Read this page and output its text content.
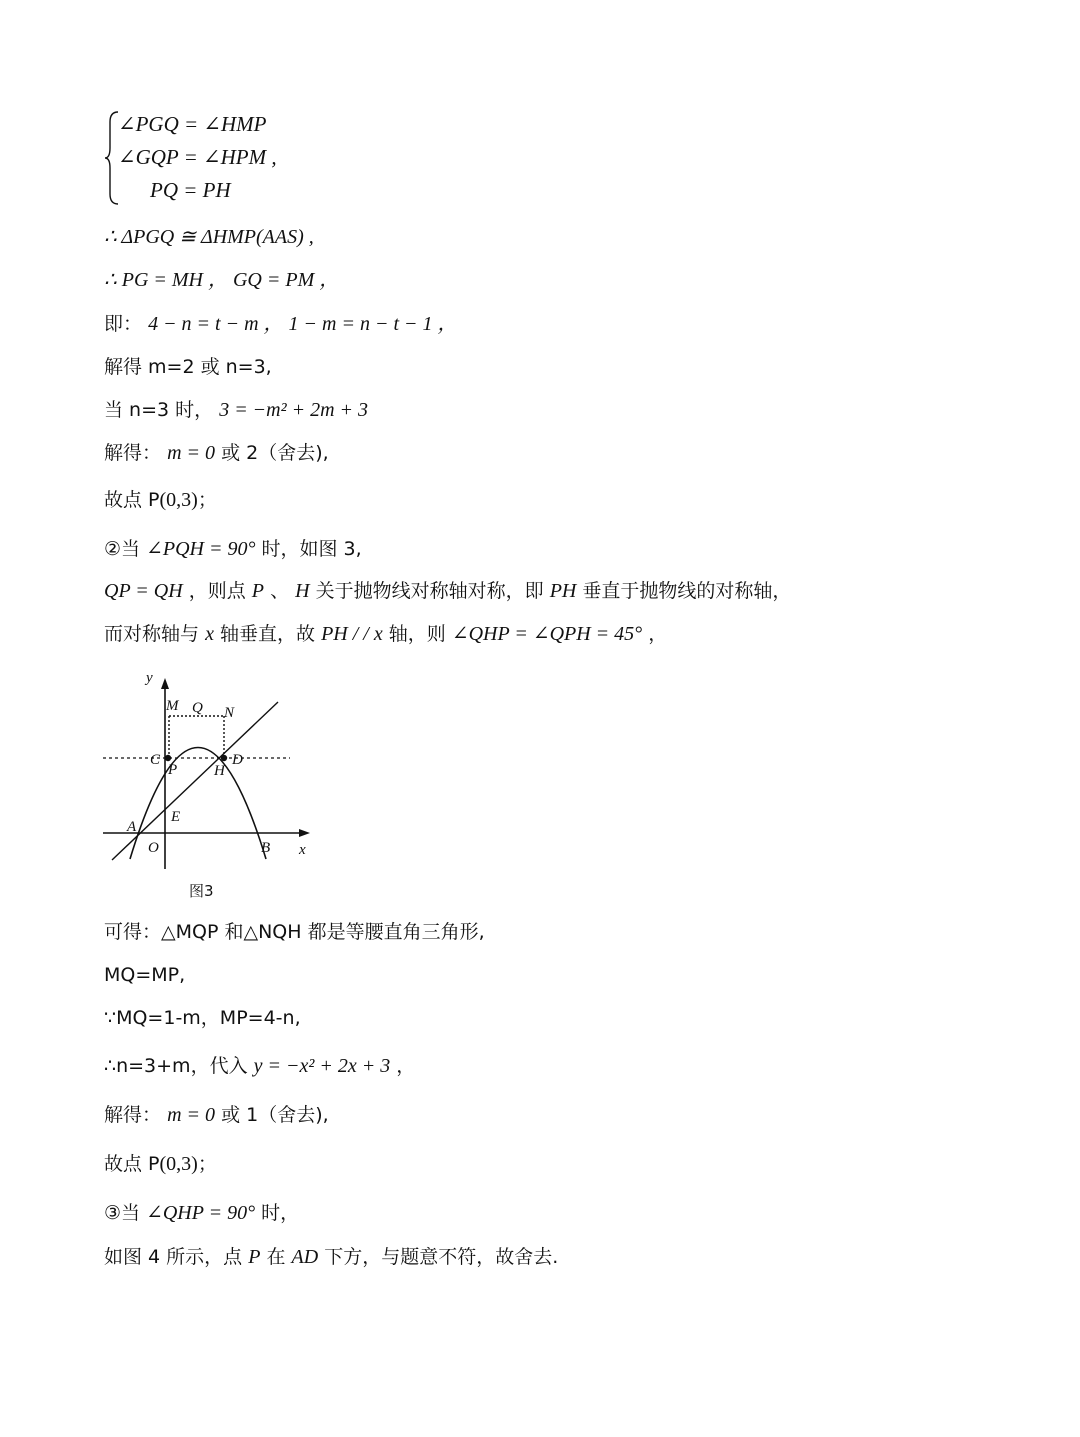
∠PGQ = ∠HMP
∠GQP = ∠HPM ,
PQ = PH
∴ ΔPGQ ≅ ΔHMP(AAS) ,
∴ PG = MH ， GQ = PM ，
即： 4 − n = t − m ， 1 − m = n − t − 1 ，
解得 m=2 或 n=3,
当 n=3 时， 3 = −m² + 2m + 3
解得： m = 0 或 2（舍去),
故点 P(0,3)；
②当 ∠PQH = 90° 时，如图 3,
QP = QH ，则点 P 、 H 关于抛物线对称轴对称，即 PH 垂直于抛物线的对称轴，
而对称轴与 x 轴垂直，故 PH / / x 轴，则 ∠QHP = ∠QPH = 45° ，
y
x
M Q N
C
P
D
H
E
A
O	B
图3
可得：△MQP 和△NQH 都是等腰直角三角形,
MQ=MP,
∵MQ=1-m，MP=4-n,
∴n=3+m，代入 y = −x² + 2x + 3 ，
解得： m = 0 或 1（舍去),
故点 P(0,3)；
③当 ∠QHP = 90° 时，
如图 4 所示，点 P 在 AD 下方，与题意不符，故舍去.
